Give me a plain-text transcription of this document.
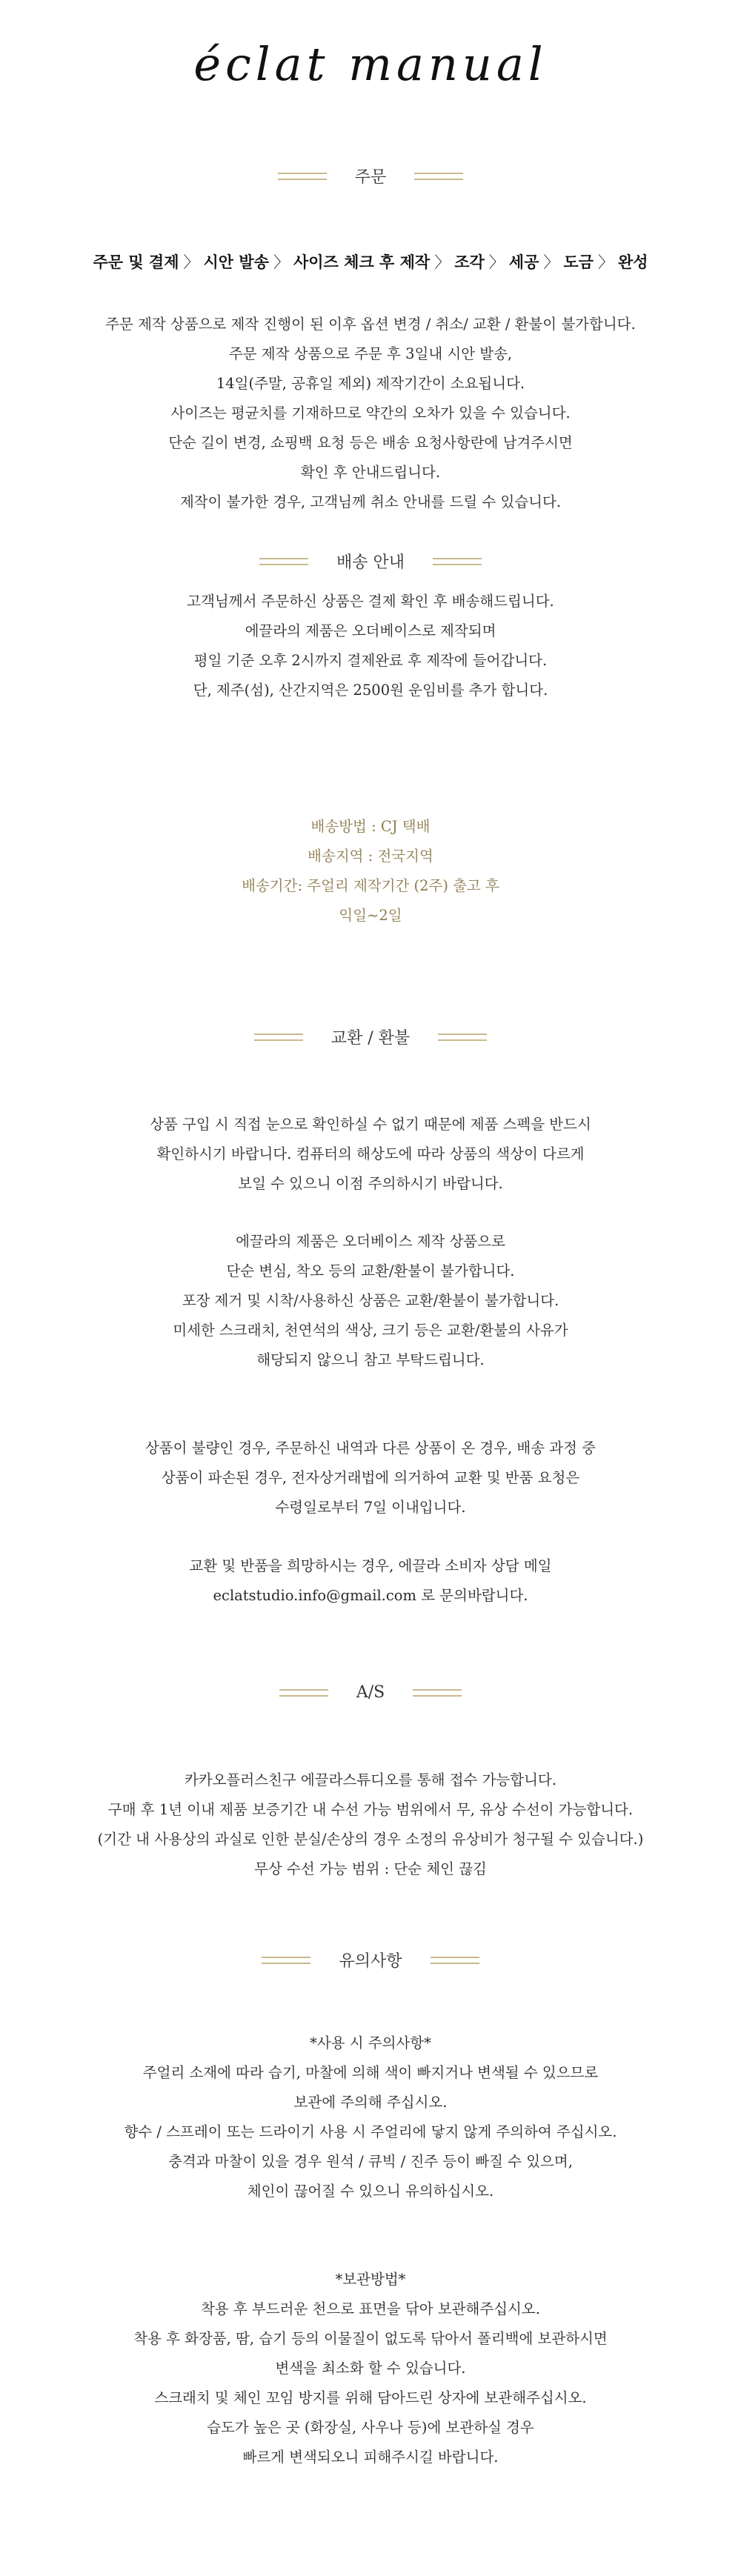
éclat manual
주문
주문 및 결제 〉 시안 발송 〉 사이즈 체크 후 제작 〉 조각 〉 세공 〉 도금 〉 완성
주문 제작 상품으로 제작 진행이 된 이후 옵션 변경 / 취소/ 교환 / 환불이 불가합니다.
주문 제작 상품으로 주문 후 3일내 시안 발송,
14일(주말, 공휴일 제외) 제작기간이 소요됩니다.
사이즈는 평균치를 기재하므로 약간의 오차가 있을 수 있습니다.
단순 길이 변경, 쇼핑백 요청 등은 배송 요청사항란에 남겨주시면
확인 후 안내드립니다.
제작이 불가한 경우, 고객님께 취소 안내를 드릴 수 있습니다.
배송 안내
고객님께서 주문하신 상품은 결제 확인 후 배송해드립니다.
에끌라의 제품은 오더베이스로 제작되며
평일 기준 오후 2시까지 결제완료 후 제작에 들어갑니다.
단, 제주(섬), 산간지역은 2500원 운임비를 추가 합니다.
배송방법 : CJ 택배
배송지역 : 전국지역
배송기간: 주얼리 제작기간 (2주) 출고 후
익일~2일
교환 / 환불
상품 구입 시 직접 눈으로 확인하실 수 없기 때문에 제품 스펙을 반드시
확인하시기 바랍니다. 컴퓨터의 해상도에 따라 상품의 색상이 다르게
보일 수 있으니 이점 주의하시기 바랍니다.
에끌라의 제품은 오더베이스 제작 상품으로
단순 변심, 착오 등의 교환/환불이 불가합니다.
포장 제거 및 시착/사용하신 상품은 교환/환불이 불가합니다.
미세한 스크래치, 천연석의 색상, 크기 등은 교환/환불의 사유가
해당되지 않으니 참고 부탁드립니다.
상품이 불량인 경우, 주문하신 내역과 다른 상품이 온 경우, 배송 과정 중
상품이 파손된 경우, 전자상거래법에 의거하여 교환 및 반품 요청은
수령일로부터 7일 이내입니다.
교환 및 반품을 희망하시는 경우, 에끌라 소비자 상담 메일
eclatstudio.info@gmail.com 로 문의바랍니다.
A/S
카카오플러스친구 에끌라스튜디오를 통해 접수 가능합니다.
구매 후 1년 이내 제품 보증기간 내 수선 가능 범위에서 무, 유상 수선이 가능합니다.
(기간 내 사용상의 과실로 인한 분실/손상의 경우 소정의 유상비가 청구될 수 있습니다.)
무상 수선 가능 범위 : 단순 체인 끊김
유의사항
*사용 시 주의사항*
주얼리 소재에 따라 습기, 마찰에 의해 색이 빠지거나 변색될 수 있으므로
보관에 주의해 주십시오.
향수 / 스프레이 또는 드라이기 사용 시 주얼리에 닿지 않게 주의하여 주십시오.
충격과 마찰이 있을 경우 원석 / 큐빅 / 진주 등이 빠질 수 있으며,
체인이 끊어질 수 있으니 유의하십시오.
*보관방법*
착용 후 부드러운 천으로 표면을 닦아 보관해주십시오.
착용 후 화장품, 땀, 습기 등의 이물질이 없도록 닦아서 폴리백에 보관하시면
변색을 최소화 할 수 있습니다.
스크래치 및 체인 꼬임 방지를 위해 담아드린 상자에 보관해주십시오.
습도가 높은 곳 (화장실, 사우나 등)에 보관하실 경우
빠르게 변색되오니 피해주시길 바랍니다.
